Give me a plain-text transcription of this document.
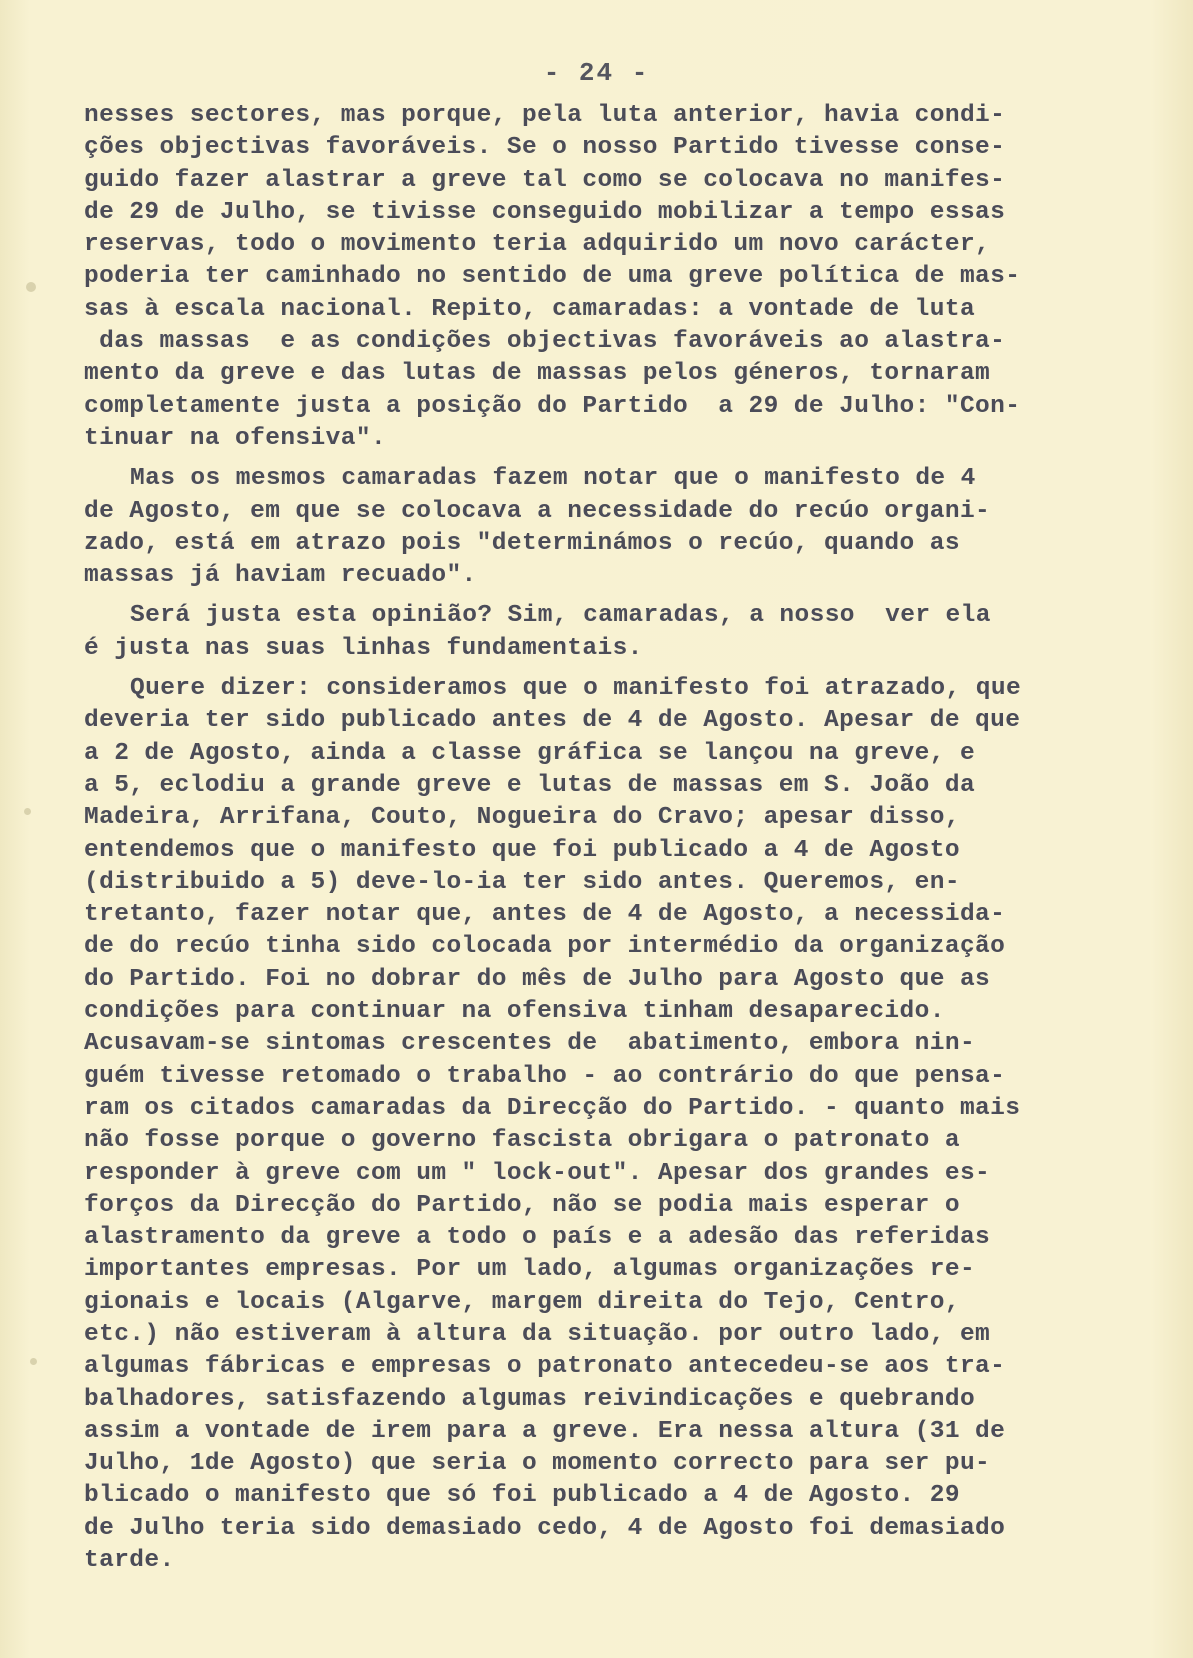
- 24 -
nesses sectores, mas porque, pela luta anterior, havia condi-
ções objectivas favoráveis. Se o nosso Partido tivesse conse-
guido fazer alastrar a greve tal como se colocava no manifes-
de 29 de Julho, se tivisse conseguido mobilizar a tempo essas
reservas, todo o movimento teria adquirido um novo carácter,
poderia ter caminhado no sentido de uma greve política de mas-
sas à escala nacional. Repito, camaradas: a vontade de luta
das massas  e as condições objectivas favoráveis ao alastra-
mento da greve e das lutas de massas pelos géneros, tornaram
completamente justa a posição do Partido  a 29 de Julho: "Con-
tinuar na ofensiva".
Mas os mesmos camaradas fazem notar que o manifesto de 4
de Agosto, em que se colocava a necessidade do recúo organi-
zado, está em atrazo pois "determinámos o recúo, quando as
massas já haviam recuado".
Será justa esta opinião? Sim, camaradas, a nosso  ver ela
é justa nas suas linhas fundamentais.
Quere dizer: consideramos que o manifesto foi atrazado, que
deveria ter sido publicado antes de 4 de Agosto. Apesar de que
a 2 de Agosto, ainda a classe gráfica se lançou na greve, e
a 5, eclodiu a grande greve e lutas de massas em S. João da
Madeira, Arrifana, Couto, Nogueira do Cravo; apesar disso,
entendemos que o manifesto que foi publicado a 4 de Agosto
(distribuido a 5) deve-lo-ia ter sido antes. Queremos, en-
tretanto, fazer notar que, antes de 4 de Agosto, a necessida-
de do recúo tinha sido colocada por intermédio da organização
do Partido. Foi no dobrar do mês de Julho para Agosto que as
condições para continuar na ofensiva tinham desaparecido.
Acusavam-se sintomas crescentes de  abatimento, embora nin-
guém tivesse retomado o trabalho - ao contrário do que pensa-
ram os citados camaradas da Direcção do Partido. - quanto mais
não fosse porque o governo fascista obrigara o patronato a
responder à greve com um " lock-out". Apesar dos grandes es-
forços da Direcção do Partido, não se podia mais esperar o
alastramento da greve a todo o país e a adesão das referidas
importantes empresas. Por um lado, algumas organizações re-
gionais e locais (Algarve, margem direita do Tejo, Centro,
etc.) não estiveram à altura da situação. por outro lado, em
algumas fábricas e empresas o patronato antecedeu-se aos tra-
balhadores, satisfazendo algumas reivindicações e quebrando
assim a vontade de irem para a greve. Era nessa altura (31 de
Julho, 1de Agosto) que seria o momento correcto para ser pu-
blicado o manifesto que só foi publicado a 4 de Agosto. 29
de Julho teria sido demasiado cedo, 4 de Agosto foi demasiado
tarde.
